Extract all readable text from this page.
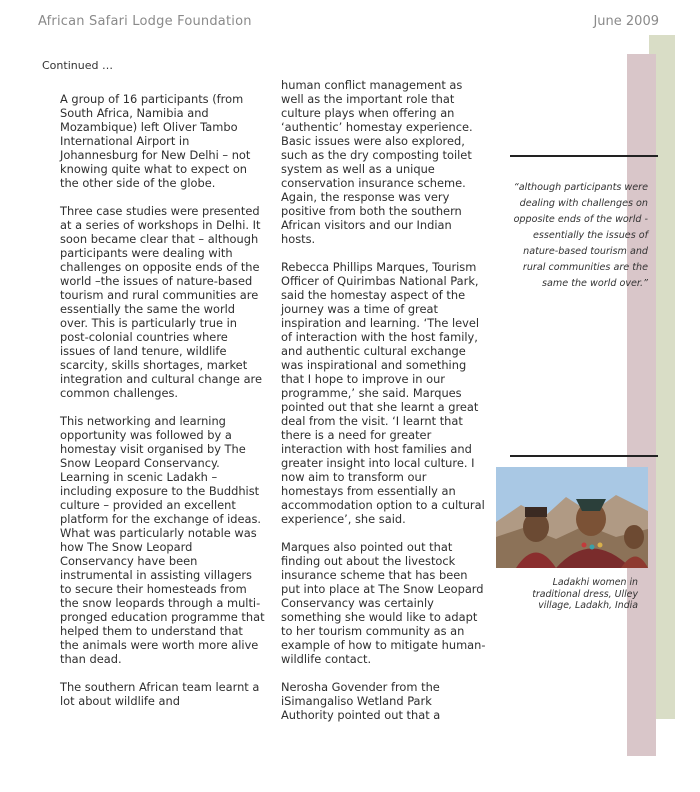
African Safari Lodge Foundation	June 2009
Continued …

A group of 16 participants (from South Africa, Namibia and Mozambique) left Oliver Tambo International Airport in Johannesburg for New Delhi – not knowing quite what to expect on the other side of the globe.

Three case studies were presented at a series of workshops in Delhi. It soon became clear that – although participants were dealing with challenges on opposite ends of the world –the issues of nature-based tourism and rural communities are essentially the same the world over. This is particularly true in post-colonial countries where issues of land tenure, wildlife scarcity, skills shortages, market integration and cultural change are common challenges.

This networking and learning opportunity was followed by a homestay visit organised by The Snow Leopard Conservancy. Learning in scenic Ladakh – including exposure to the Buddhist culture – provided an excellent platform for the exchange of ideas. What was particularly notable was how The Snow Leopard Conservancy have been instrumental in assisting villagers to secure their homesteads from the snow leopards through a multi-pronged education programme that helped them to understand that the animals were worth more alive than dead.

The southern African team learnt a lot about wildlife and

human conflict management as well as the important role that culture plays when offering an ‘authentic’ homestay experience. Basic issues were also explored, such as the dry composting toilet system as well as a unique conservation insurance scheme. Again, the response was very positive from both the southern African visitors and our Indian hosts.

Rebecca Phillips Marques, Tourism Officer of Quirimbas National Park, said the homestay aspect of the journey was a time of great inspiration and learning. ‘The level of interaction with the host family, and authentic cultural exchange was inspirational and something that I hope to improve in our programme,’ she said. Marques pointed out that she learnt a great deal from the visit. ‘I learnt that there is a need for greater interaction with host families and greater insight into local culture. I now aim to transform our homestays from essentially an accommodation option to a cultural experience’, she said.

Marques also pointed out that finding out about the livestock insurance scheme that has been put into place at The Snow Leopard Conservancy was certainly something she would like to adapt to her tourism community as an example of how to mitigate human-wildlife contact.

Nerosha Govender from the iSimangaliso Wetland Park Authority pointed out that a

“although participants were dealing with challenges on opposite ends of the world - essentially the issues of nature-based tourism and rural communities are the same the world over.”
Ladakhi women in traditional dress, Ulley village, Ladakh, India
